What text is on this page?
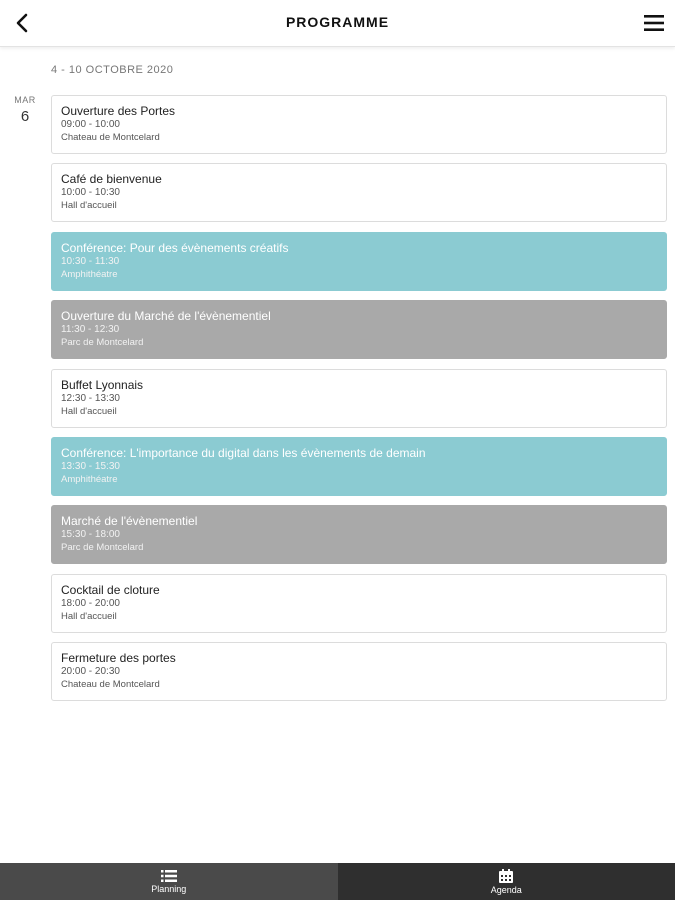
PROGRAMME
4 - 10 OCTOBRE 2020
MAR
6	Ouverture des Portes
09:00 - 10:00
Chateau de Montcelard
Café de bienvenue
10:00 - 10:30
Hall d'accueil
Conférence: Pour des évènements créatifs
10:30 - 11:30
Amphithéatre
Ouverture du Marché de l'évènementiel
11:30 - 12:30
Parc de Montcelard
Buffet Lyonnais
12:30 - 13:30
Hall d'accueil
Conférence: L'importance du digital dans les évènements de demain
13:30 - 15:30
Amphithéatre
Marché de l'évènementiel
15:30 - 18:00
Parc de Montcelard
Cocktail de cloture
18:00 - 20:00
Hall d'accueil
Fermeture des portes
20:00 - 20:30
Chateau de Montcelard
Planning	Agenda
